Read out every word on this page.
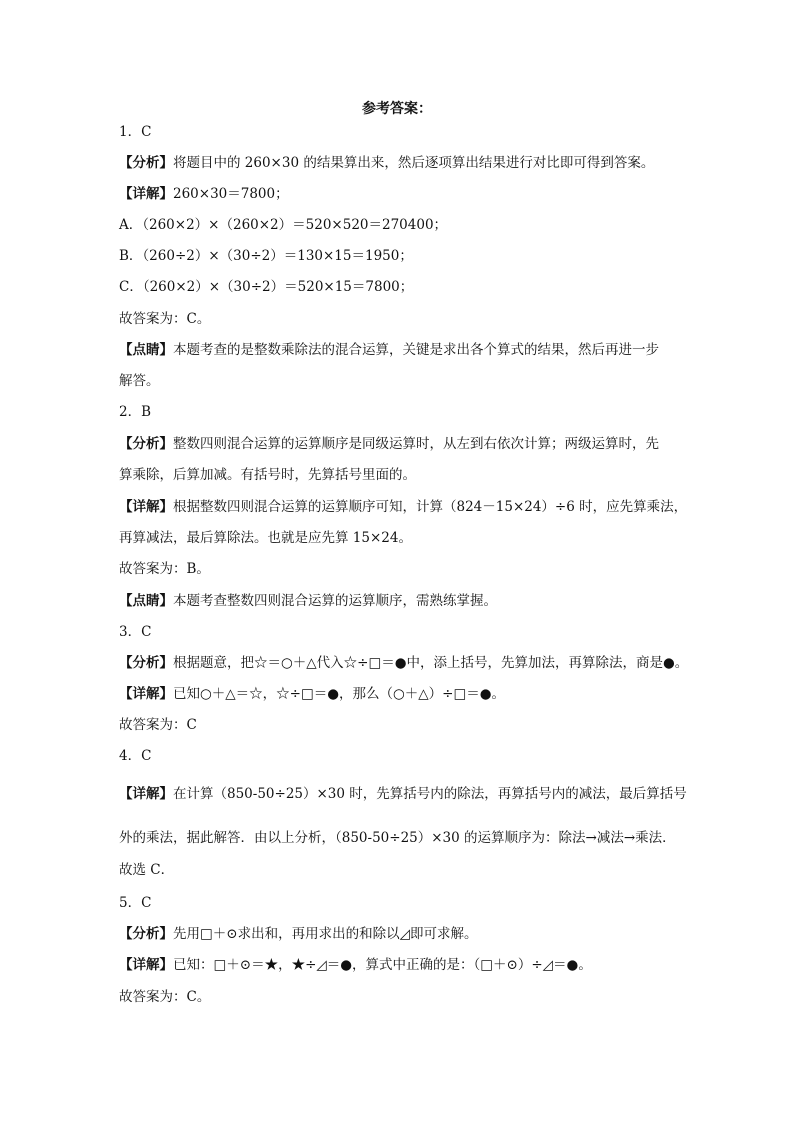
参考答案：
1．C
【分析】将题目中的 260×30 的结果算出来，然后逐项算出结果进行对比即可得到答案。
【详解】260×30＝7800；
A．（260×2）×（260×2）＝520×520＝270400；
B．（260÷2）×（30÷2）＝130×15＝1950；
C．（260×2）×（30÷2）＝520×15＝7800；
故答案为：C。
【点睛】本题考查的是整数乘除法的混合运算，关键是求出各个算式的结果，然后再进一步
解答。
2．B
【分析】整数四则混合运算的运算顺序是同级运算时，从左到右依次计算；两级运算时，先
算乘除，后算加减。有括号时，先算括号里面的。
【详解】根据整数四则混合运算的运算顺序可知，计算（824－15×24）÷6 时，应先算乘法，
再算减法，最后算除法。也就是应先算 15×24。
故答案为：B。
【点睛】本题考查整数四则混合运算的运算顺序，需熟练掌握。
3．C
【分析】根据题意，把☆＝○＋△代入☆÷□＝●中，添上括号，先算加法，再算除法，商是●。
【详解】已知○＋△＝☆，☆÷□＝●，那么（○＋△）÷□＝●。
故答案为：C
4．C
【详解】在计算（850-50÷25）×30 时，先算括号内的除法，再算括号内的减法，最后算括号
外的乘法，据此解答．由以上分析，（850-50÷25）×30 的运算顺序为：除法→减法→乘法．
故选 C．
5．C
【分析】先用□＋⊙求出和，再用求出的和除以◿即可求解。
【详解】已知：□＋⊙＝★，★÷◿＝●，算式中正确的是：（□＋⊙）÷◿＝●。
故答案为：C。
